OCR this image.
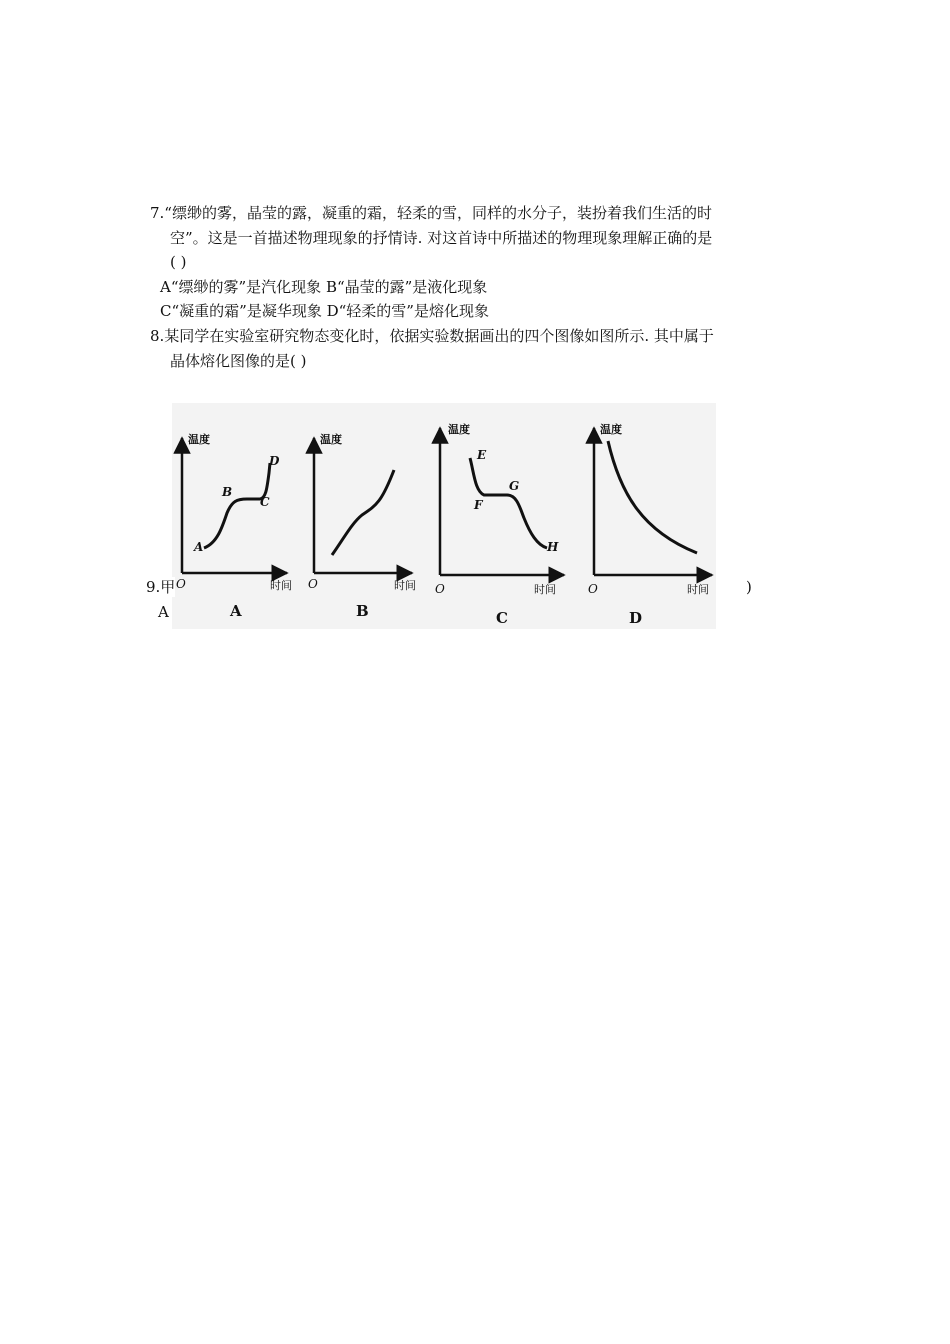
7.“缥缈的雾，晶莹的露，凝重的霜，轻柔的雪，同样的水分子，装扮着我们生活的时
空”。这是一首描述物理现象的抒情诗. 对这首诗中所描述的物理现象理解正确的是
( )
A“缥缈的雾”是汽化现象 B“晶莹的露”是液化现象
C“凝重的霜”是凝华现象 D“轻柔的雪”是熔化现象
8.某同学在实验室研究物态变化时，依据实验数据画出的四个图像如图所示. 其中属于
晶体熔化图像的是( )
温度
时间
O
A
B
C
D
A
温度
时间
O
B
温度
时间
O
E
F
G
H
C
温度
时间
O
D
9.甲
A
)
